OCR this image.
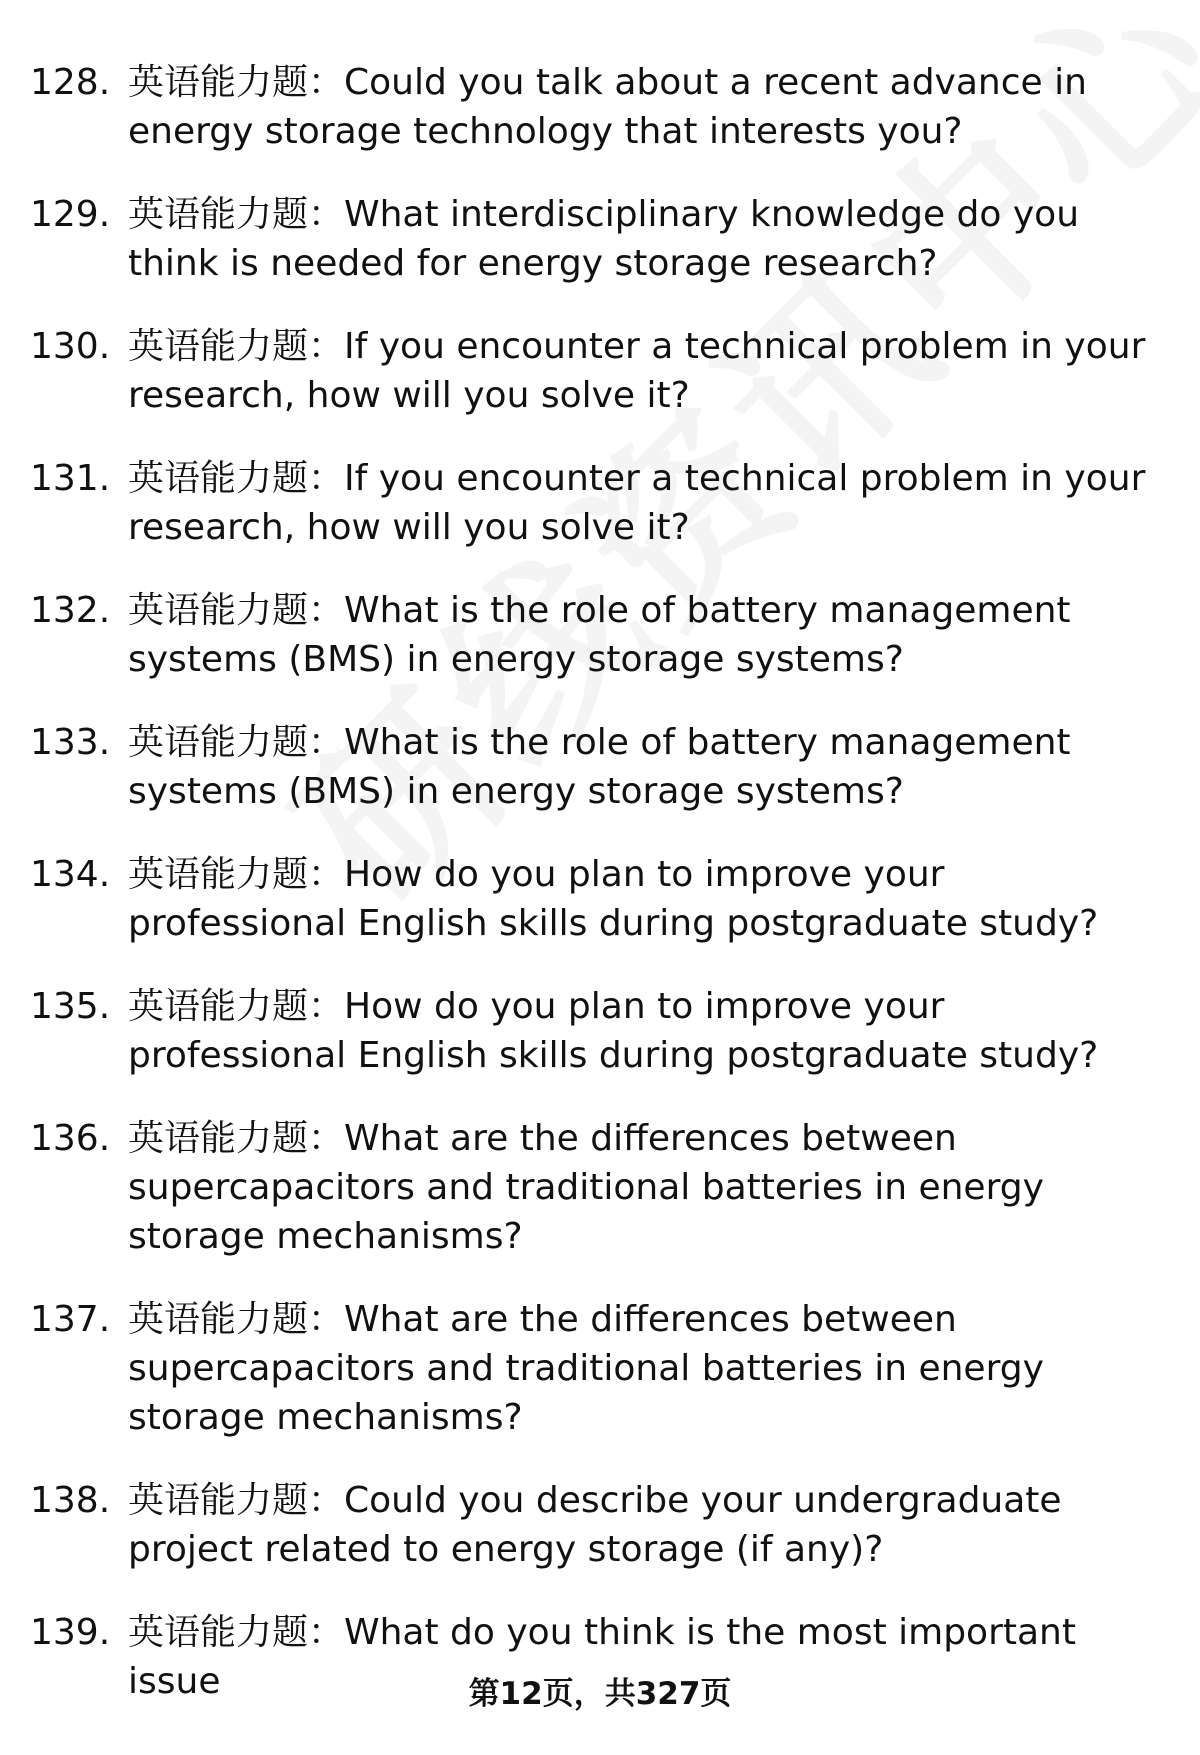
128. 英语能力题：Could you talk about a recent advance in energy storage technology that interests you?
129. 英语能力题：What interdisciplinary knowledge do you think is needed for energy storage research?
130. 英语能力题：If you encounter a technical problem in your research, how will you solve it?
131. 英语能力题：If you encounter a technical problem in your research, how will you solve it?
132. 英语能力题：What is the role of battery management systems (BMS) in energy storage systems?
133. 英语能力题：What is the role of battery management systems (BMS) in energy storage systems?
134. 英语能力题：How do you plan to improve your professional English skills during postgraduate study?
135. 英语能力题：How do you plan to improve your professional English skills during postgraduate study?
136. 英语能力题：What are the differences between supercapacitors and traditional batteries in energy storage mechanisms?
137. 英语能力题：What are the differences between supercapacitors and traditional batteries in energy storage mechanisms?
138. 英语能力题：Could you describe your undergraduate project related to energy storage (if any)?
139. 英语能力题：What do you think is the most important issue	第12页，共327页
